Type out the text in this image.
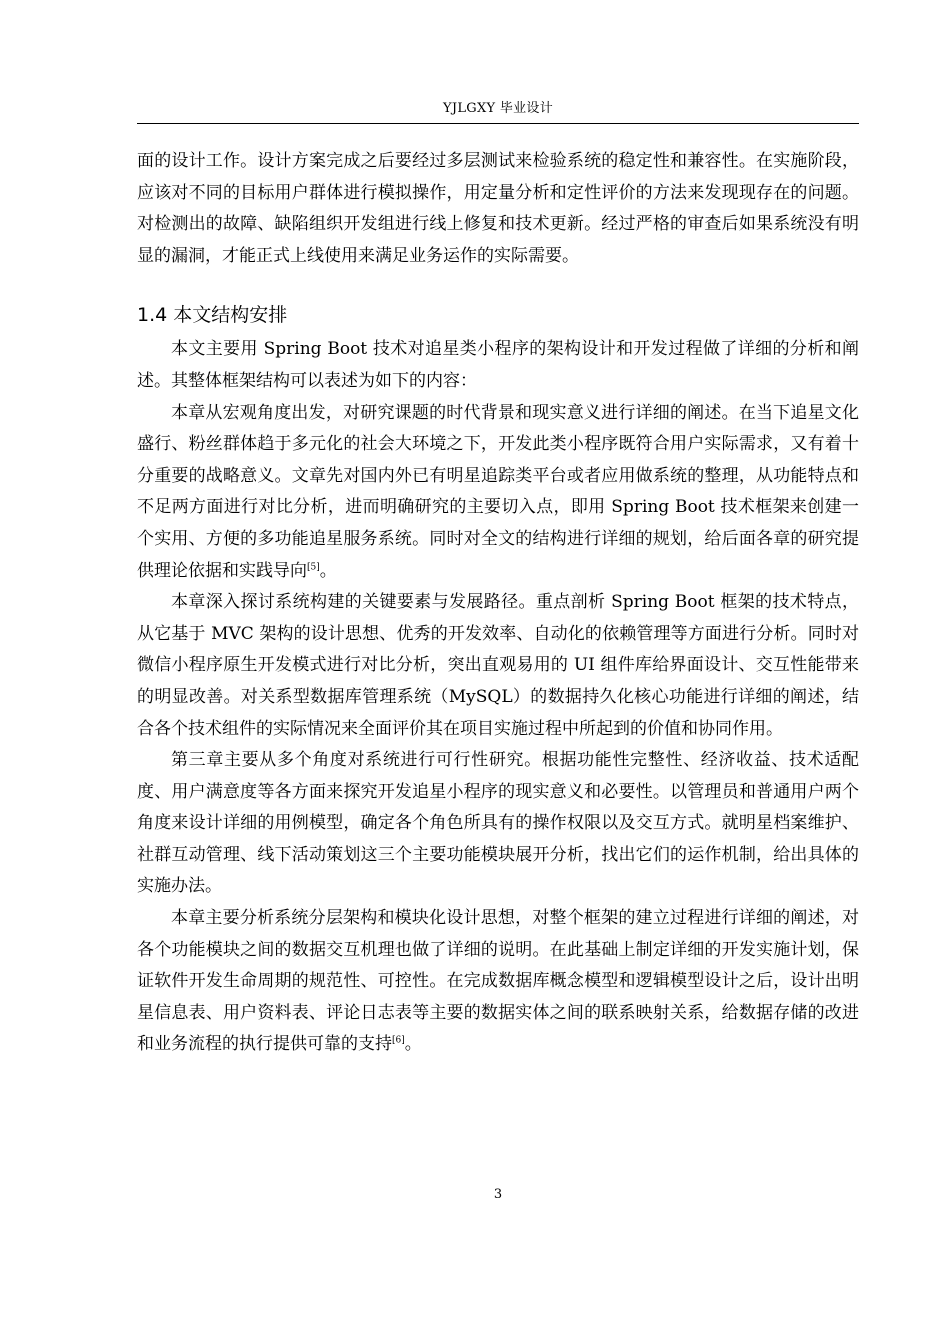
YJLGXY 毕业设计

面的设计工作。设计方案完成之后要经过多层测试来检验系统的稳定性和兼容性。在实施阶段，应该对不同的目标用户群体进行模拟操作，用定量分析和定性评价的方法来发现现存在的问题。对检测出的故障、缺陷组织开发组进行线上修复和技术更新。经过严格的审查后如果系统没有明显的漏洞，才能正式上线使用来满足业务运作的实际需要。

1.4 本文结构安排

本文主要用 Spring Boot 技术对追星类小程序的架构设计和开发过程做了详细的分析和阐述。其整体框架结构可以表述为如下的内容：

本章从宏观角度出发，对研究课题的时代背景和现实意义进行详细的阐述。在当下追星文化盛行、粉丝群体趋于多元化的社会大环境之下，开发此类小程序既符合用户实际需求，又有着十分重要的战略意义。文章先对国内外已有明星追踪类平台或者应用做系统的整理，从功能特点和不足两方面进行对比分析，进而明确研究的主要切入点，即用 Spring Boot 技术框架来创建一个实用、方便的多功能追星服务系统。同时对全文的结构进行详细的规划，给后面各章的研究提供理论依据和实践导向[5]。

本章深入探讨系统构建的关键要素与发展路径。重点剖析 Spring Boot 框架的技术特点，从它基于 MVC 架构的设计思想、优秀的开发效率、自动化的依赖管理等方面进行分析。同时对微信小程序原生开发模式进行对比分析，突出直观易用的 UI 组件库给界面设计、交互性能带来的明显改善。对关系型数据库管理系统（MySQL）的数据持久化核心功能进行详细的阐述，结合各个技术组件的实际情况来全面评价其在项目实施过程中所起到的价值和协同作用。

第三章主要从多个角度对系统进行可行性研究。根据功能性完整性、经济收益、技术适配度、用户满意度等各方面来探究开发追星小程序的现实意义和必要性。以管理员和普通用户两个角度来设计详细的用例模型，确定各个角色所具有的操作权限以及交互方式。就明星档案维护、社群互动管理、线下活动策划这三个主要功能模块展开分析，找出它们的运作机制，给出具体的实施办法。

本章主要分析系统分层架构和模块化设计思想，对整个框架的建立过程进行详细的阐述，对各个功能模块之间的数据交互机理也做了详细的说明。在此基础上制定详细的开发实施计划，保证软件开发生命周期的规范性、可控性。在完成数据库概念模型和逻辑模型设计之后，设计出明星信息表、用户资料表、评论日志表等主要的数据实体之间的联系映射关系，给数据存储的改进和业务流程的执行提供可靠的支持[6]。

3
